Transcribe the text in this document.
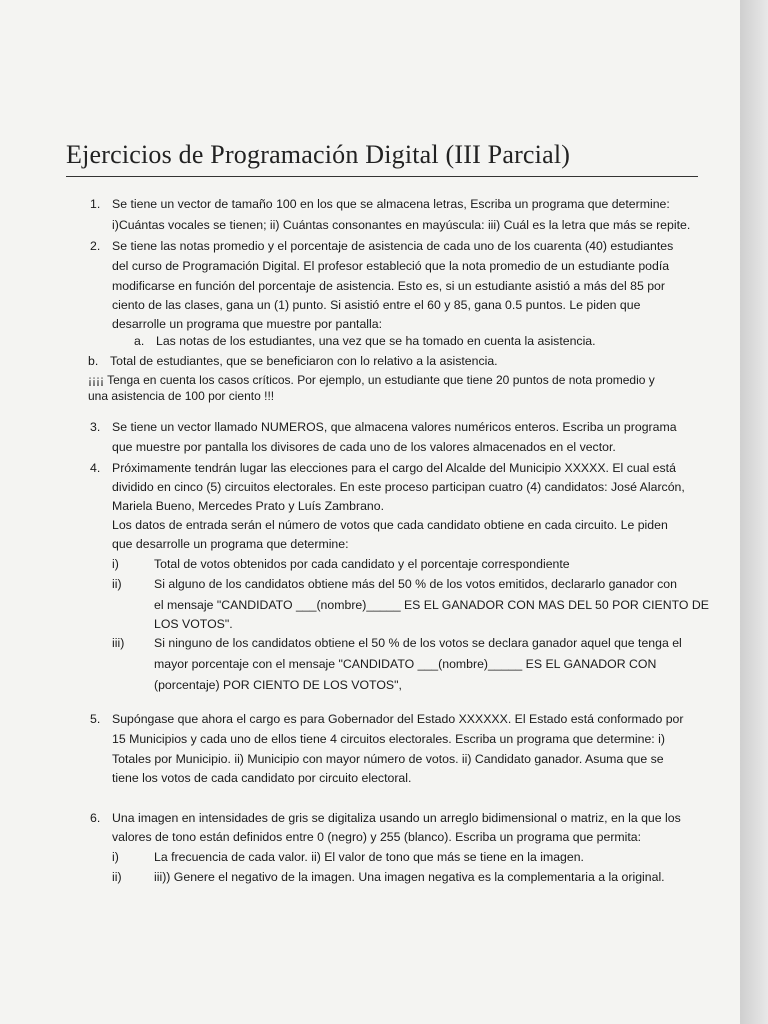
Ejercicios de Programación Digital (III Parcial)
1. Se tiene un vector de tamaño 100 en los que se almacena letras, Escriba un programa que determine:
i)Cuántas vocales se tienen; ii) Cuántas consonantes en mayúscula: iii) Cuál es la letra que más se repite.
2. Se tiene las notas promedio y el porcentaje de asistencia de cada uno de los cuarenta (40) estudiantes
del curso de Programación Digital. El profesor estableció que la nota promedio de un estudiante podía
modificarse en función del porcentaje de asistencia. Esto es, si un estudiante asistió a más del 85 por
ciento de las clases, gana un (1) punto. Si asistió entre el 60 y 85, gana 0.5 puntos. Le piden que
desarrolle un programa que muestre por pantalla:
a. Las notas de los estudiantes, una vez que se ha tomado en cuenta la asistencia.
b. Total de estudiantes, que se beneficiaron con lo relativo a la asistencia.
¡¡¡¡ Tenga en cuenta los casos críticos. Por ejemplo, un estudiante que tiene 20 puntos de nota promedio y
una asistencia de 100 por ciento !!!
3. Se tiene un vector llamado NUMEROS, que almacena valores numéricos enteros. Escriba un programa
que muestre por pantalla los divisores de cada uno de los valores almacenados en el vector.
4. Próximamente tendrán lugar las elecciones para el cargo del Alcalde del Municipio XXXXX. El cual está
dividido en cinco (5) circuitos electorales. En este proceso participan cuatro (4) candidatos: José Alarcón,
Mariela Bueno, Mercedes Prato y Luís Zambrano.
Los datos de entrada serán el número de votos que cada candidato obtiene en cada circuito. Le piden
que desarrolle un programa que determine:
i)	Total de votos obtenidos por cada candidato y el porcentaje correspondiente
ii)	Si alguno de los candidatos obtiene más del 50 % de los votos emitidos, declararlo ganador con
el mensaje "CANDIDATO ___(nombre)_____ ES EL GANADOR CON MAS DEL 50 POR CIENTO DE
LOS VOTOS".
iii) Si ninguno de los candidatos obtiene el 50 % de los votos se declara ganador aquel que tenga el
mayor porcentaje con el mensaje "CANDIDATO ___(nombre)_____ ES EL GANADOR CON
(porcentaje) POR CIENTO DE LOS VOTOS",
5. Supóngase que ahora el cargo es para Gobernador del Estado XXXXXX. El Estado está conformado por
15 Municipios y cada uno de ellos tiene 4 circuitos electorales. Escriba un programa que determine: i)
Totales por Municipio. ii) Municipio con mayor número de votos. ii) Candidato ganador. Asuma que se
tiene los votos de cada candidato por circuito electoral.
6. Una imagen en intensidades de gris se digitaliza usando un arreglo bidimensional o matriz, en la que los
valores de tono están definidos entre 0 (negro) y 255 (blanco). Escriba un programa que permita:
i)	La frecuencia de cada valor. ii) El valor de tono que más se tiene en la imagen.
ii)	iii)) Genere el negativo de la imagen. Una imagen negativa es la complementaria a la original.
